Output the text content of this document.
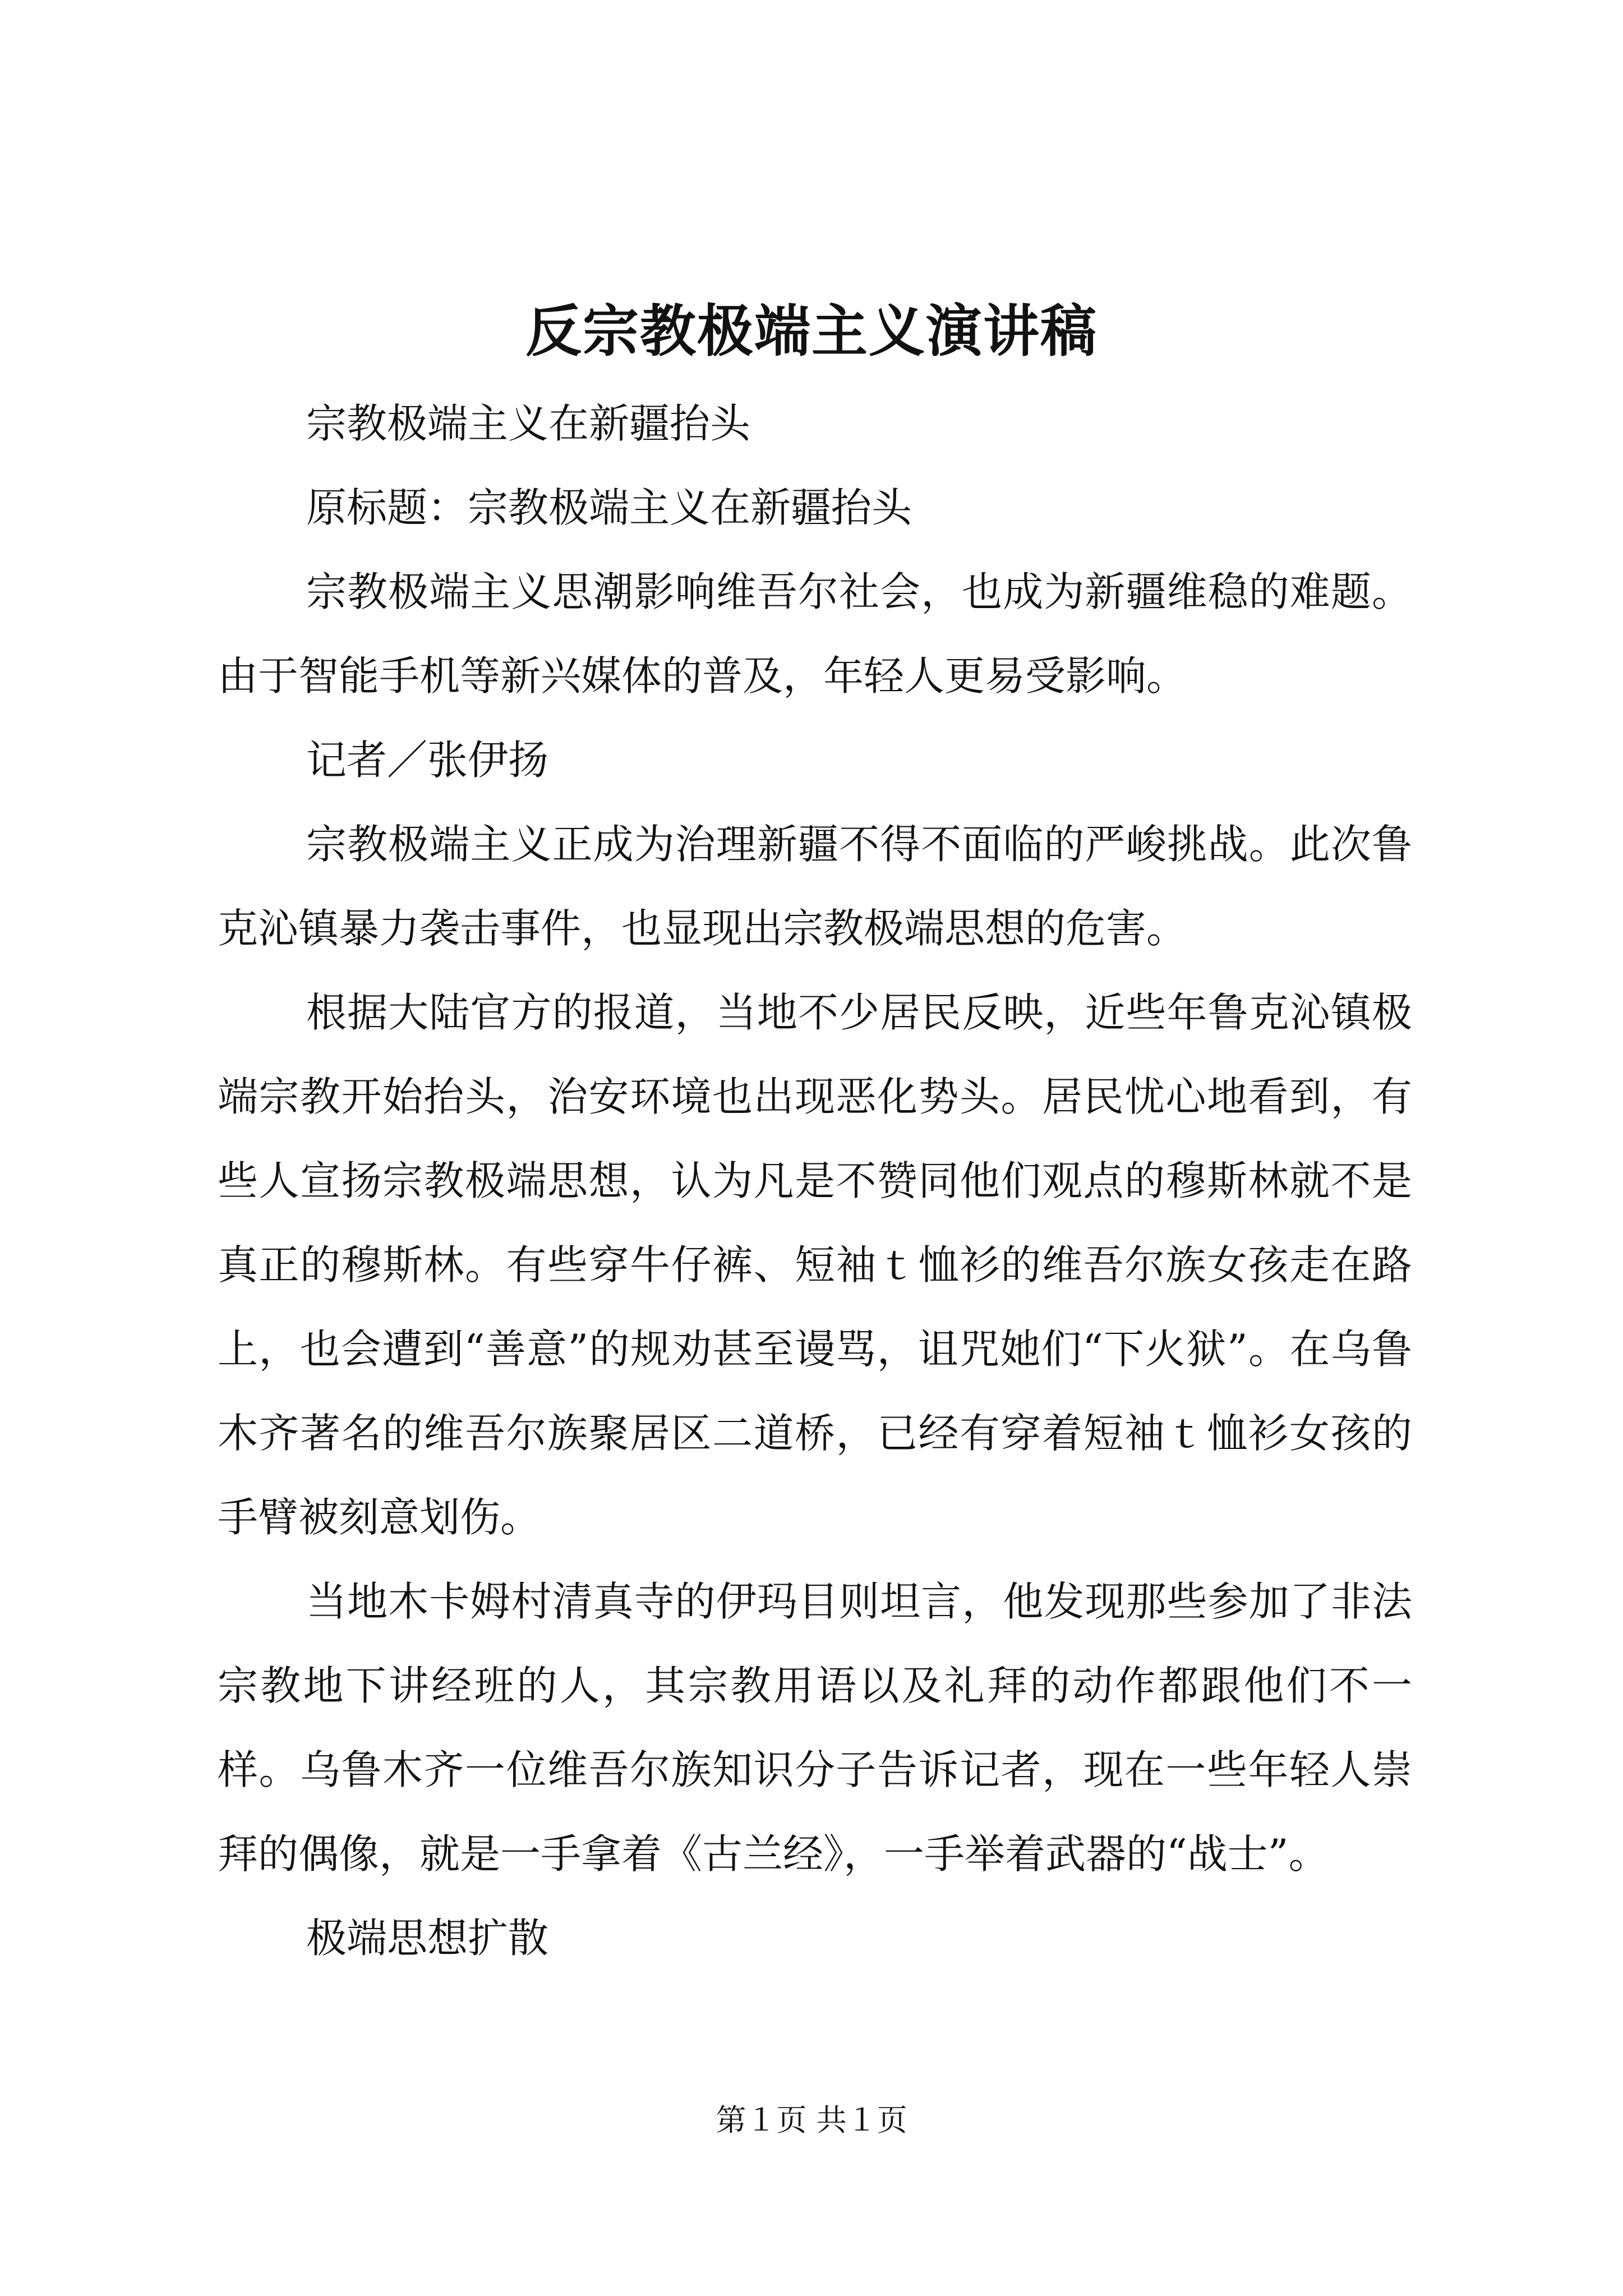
反宗教极端主义演讲稿

宗教极端主义在新疆抬头

原标题：宗教极端主义在新疆抬头

宗教极端主义思潮影响维吾尔社会，也成为新疆维稳的难题。由于智能手机等新兴媒体的普及，年轻人更易受影响。

记者／张伊扬

宗教极端主义正成为治理新疆不得不面临的严峻挑战。此次鲁克沁镇暴力袭击事件，也显现出宗教极端思想的危害。

根据大陆官方的报道，当地不少居民反映，近些年鲁克沁镇极端宗教开始抬头，治安环境也出现恶化势头。居民忧心地看到，有些人宣扬宗教极端思想，认为凡是不赞同他们观点的穆斯林就不是真正的穆斯林。有些穿牛仔裤、短袖ｔ恤衫的维吾尔族女孩走在路上，也会遭到“善意”的规劝甚至谩骂，诅咒她们“下火狱”。在乌鲁木齐著名的维吾尔族聚居区二道桥，已经有穿着短袖ｔ恤衫女孩的手臂被刻意划伤。

当地木卡姆村清真寺的伊玛目则坦言，他发现那些参加了非法宗教地下讲经班的人，其宗教用语以及礼拜的动作都跟他们不一样。乌鲁木齐一位维吾尔族知识分子告诉记者，现在一些年轻人崇拜的偶像，就是一手拿着《古兰经》，一手举着武器的“战士”。

极端思想扩散

第１页 共１页
